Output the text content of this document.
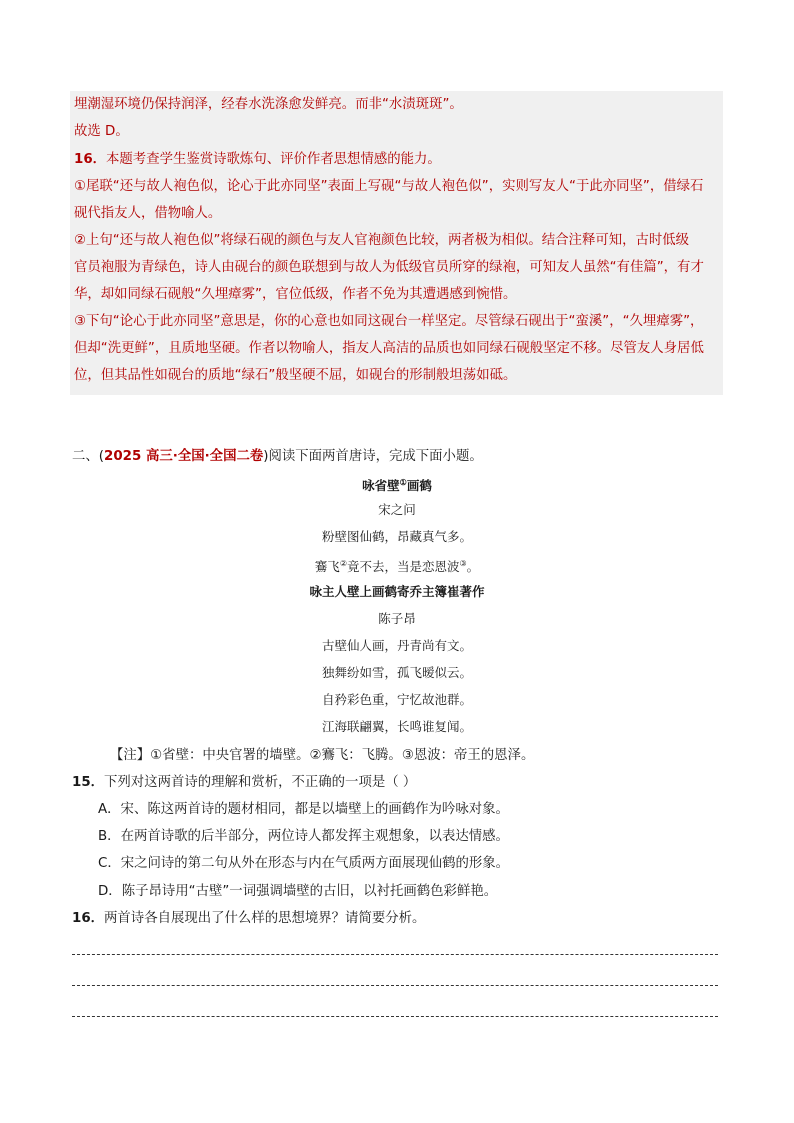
埋潮湿环境仍保持润泽，经春水洗涤愈发鲜亮。而非“水渍斑斑”。
故选 D。
16．本题考查学生鉴赏诗歌炼句、评价作者思想情感的能力。
①尾联“还与故人袍色似，论心于此亦同坚”表面上写砚“与故人袍色似”，实则写友人“于此亦同坚”，借绿石
砚代指友人，借物喻人。
②上句“还与故人袍色似”将绿石砚的颜色与友人官袍颜色比较，两者极为相似。结合注释可知，古时低级
官员袍服为青绿色，诗人由砚台的颜色联想到与故人为低级官员所穿的绿袍，可知友人虽然“有佳篇”，有才
华，却如同绿石砚般“久埋瘴雾”，官位低级，作者不免为其遭遇感到惋惜。
③下句“论心于此亦同坚”意思是，你的心意也如同这砚台一样坚定。尽管绿石砚出于“蛮溪”，“久埋瘴雾”，
但却“洗更鲜”，且质地坚硬。作者以物喻人，指友人高洁的品质也如同绿石砚般坚定不移。尽管友人身居低
位，但其品性如砚台的质地“绿石”般坚硬不屈，如砚台的形制般坦荡如砥。
二、(2025 高三·全国·全国二卷)阅读下面两首唐诗，完成下面小题。
咏省壁①画鹤
宋之问
粉壁图仙鹤，昂藏真气多。
鶱飞②竟不去，当是恋恩波③。
咏主人壁上画鹤寄乔主簿崔著作
陈子昂
古壁仙人画，丹青尚有文。
独舞纷如雪，孤飞暧似云。
自矜彩色重，宁忆故池群。
江海联翩翼，长鸣谁复闻。
【注】①省壁：中央官署的墙壁。②鶱飞：飞腾。③恩波：帝王的恩泽。
15．下列对这两首诗的理解和赏析，不正确的一项是（ ）
A．宋、陈这两首诗的题材相同，都是以墙壁上的画鹤作为吟咏对象。
B．在两首诗歌的后半部分，两位诗人都发挥主观想象，以表达情感。
C．宋之问诗的第二句从外在形态与内在气质两方面展现仙鹤的形象。
D．陈子昂诗用“古壁”一词强调墙壁的古旧，以衬托画鹤色彩鲜艳。
16．两首诗各自展现出了什么样的思想境界？请简要分析。
